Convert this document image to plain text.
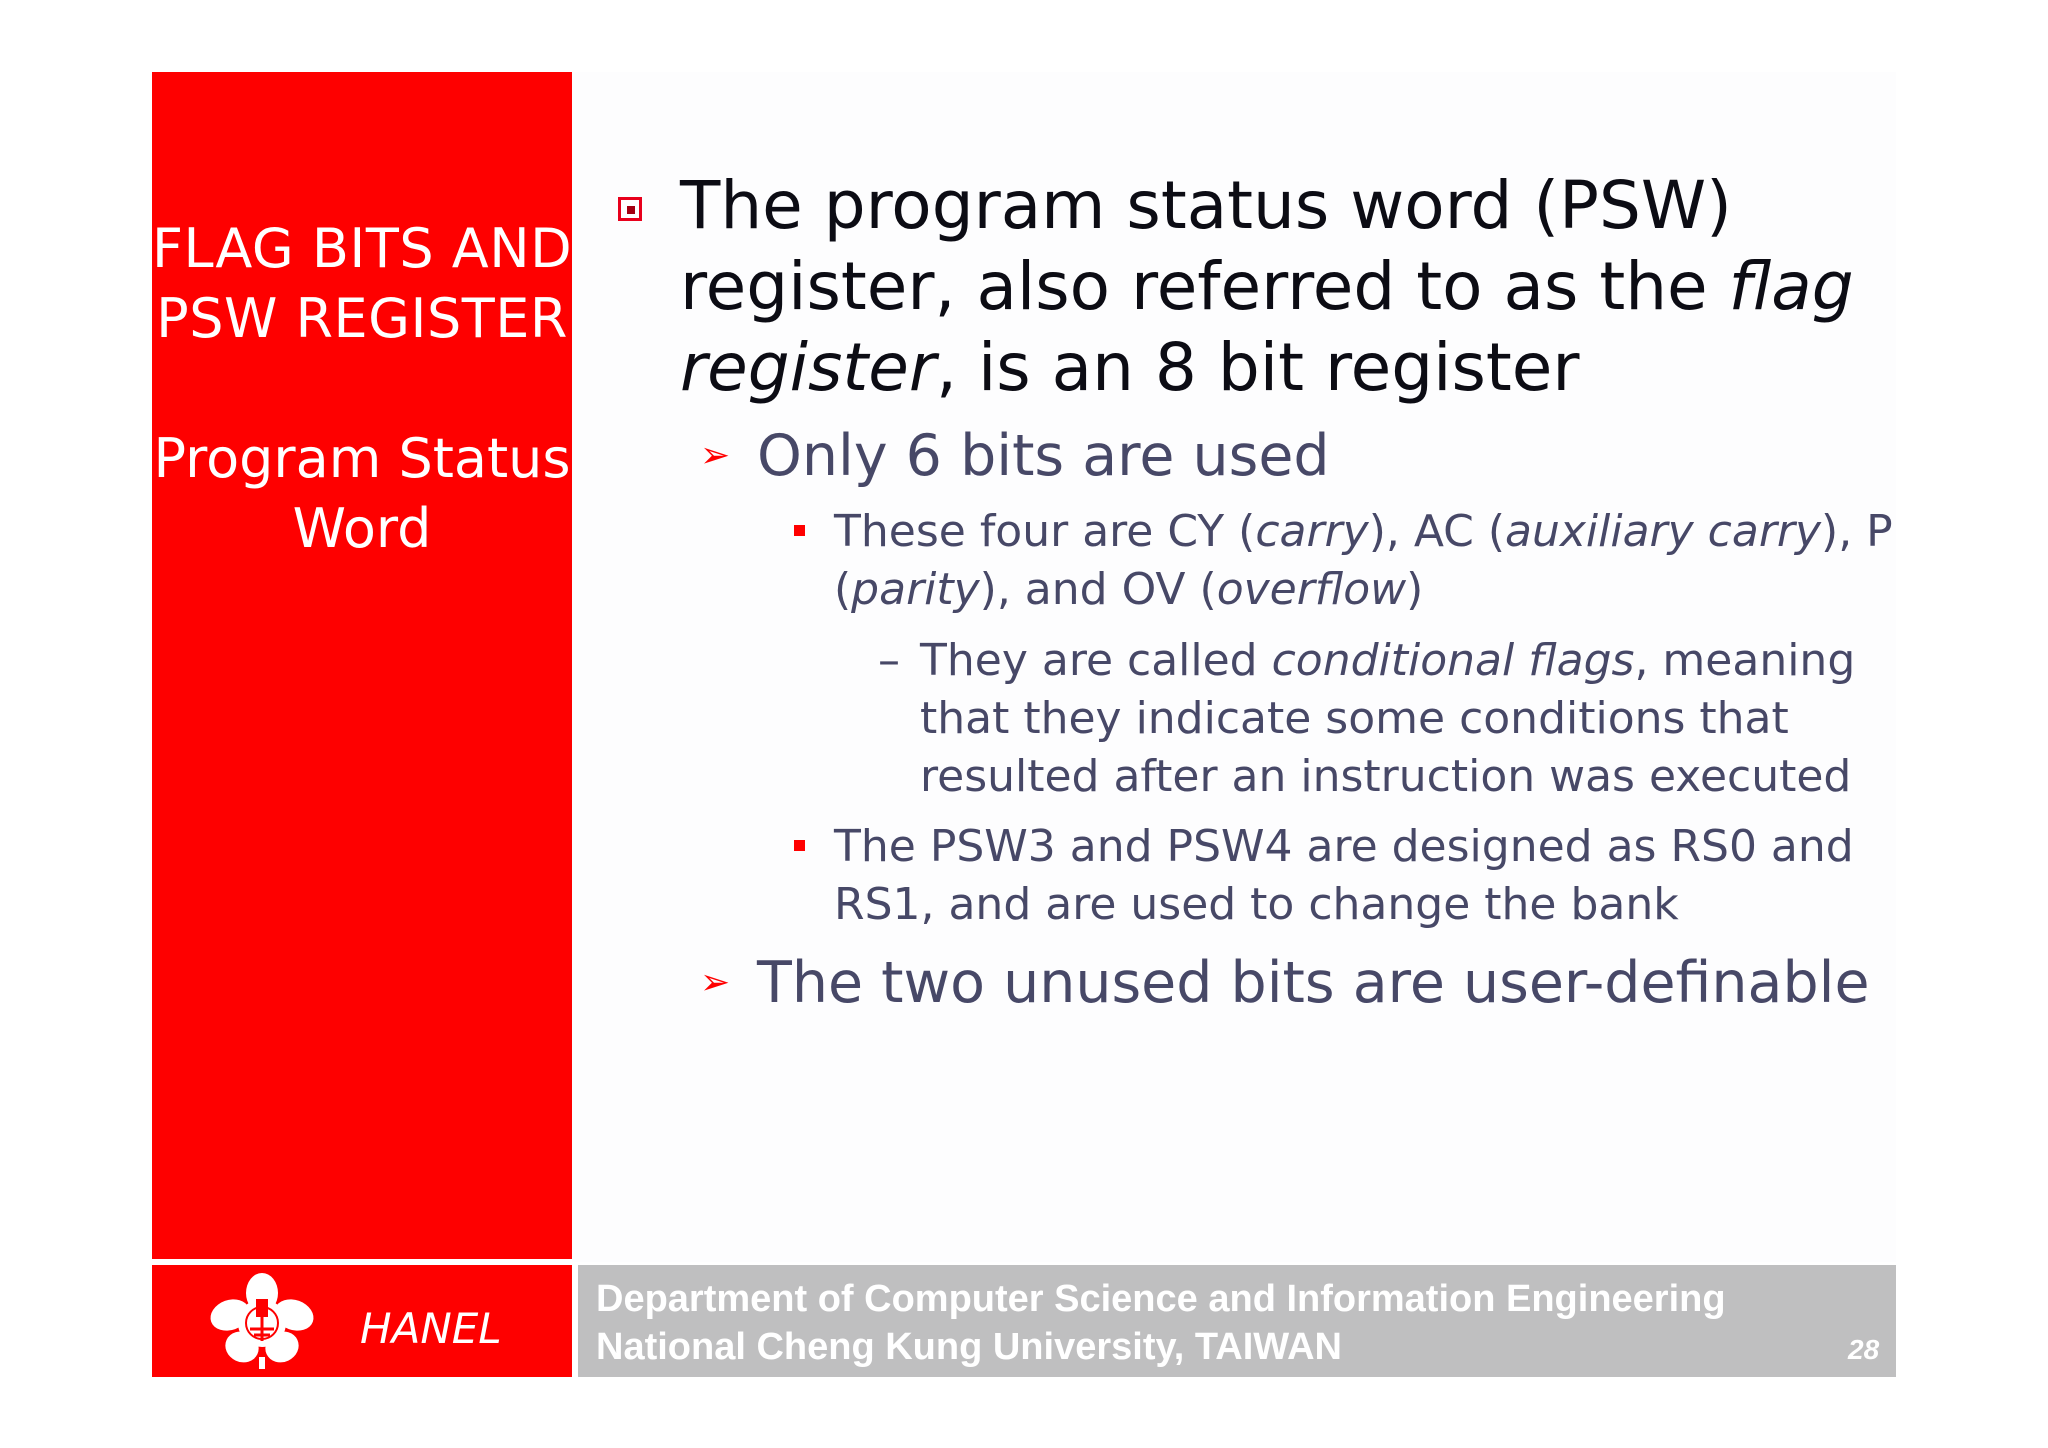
FLAG BITS AND
PSW REGISTER
Program Status
Word
The program status word (PSW)
register, also referred to as the flag
register, is an 8 bit register
➢ Only 6 bits are used
These four are CY (carry), AC (auxiliary carry), P
(parity), and OV (overflow)
– They are called conditional flags, meaning
that they indicate some conditions that
resulted after an instruction was executed
The PSW3 and PSW4 are designed as RS0 and
RS1, and are used to change the bank
➢ The two unused bits are user-definable
HANEL
Department of Computer Science and Information Engineering
National Cheng Kung University, TAIWAN	28
